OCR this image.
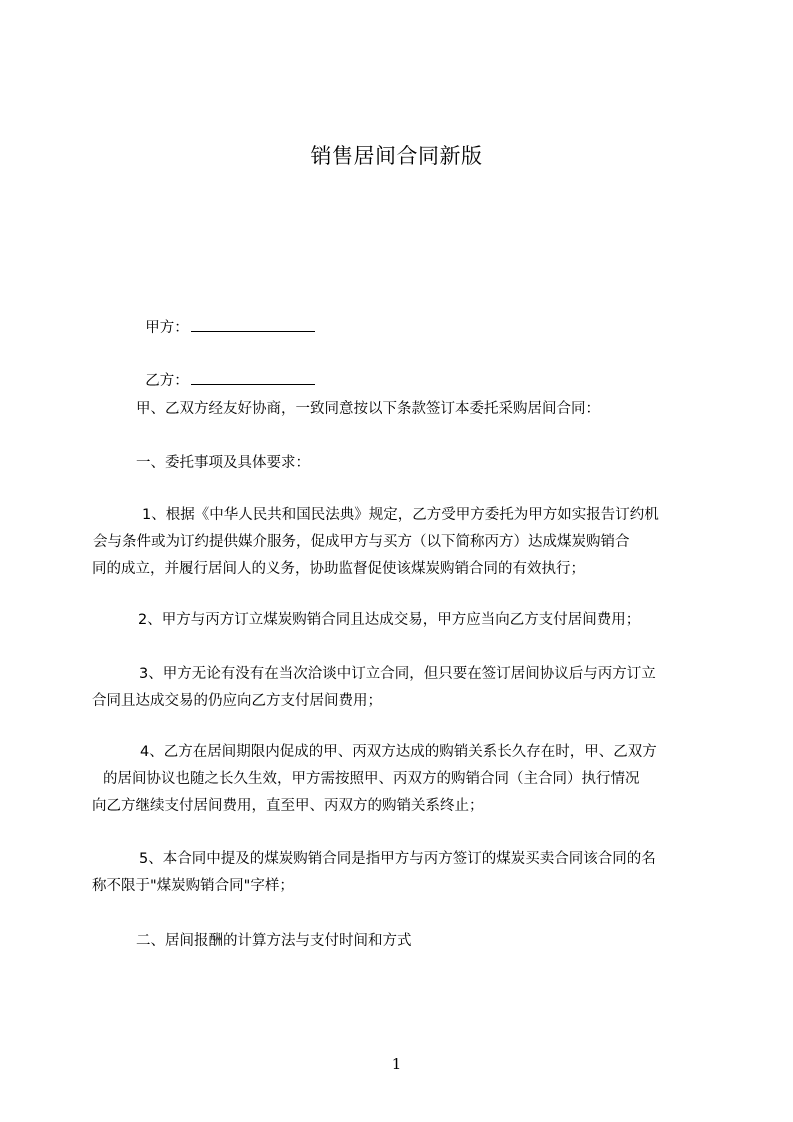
销售居间合同新版

甲方：

乙方：

甲、乙双方经友好协商，一致同意按以下条款签订本委托采购居间合同：
一、委托事项及具体要求：
1、根据《中华人民共和国民法典》规定，乙方受甲方委托为甲方如实报告订约机
会与条件或为订约提供媒介服务，促成甲方与买方（以下简称丙方）达成煤炭购销合
同的成立，并履行居间人的义务，协助监督促使该煤炭购销合同的有效执行；
2、甲方与丙方订立煤炭购销合同且达成交易，甲方应当向乙方支付居间费用；
3、甲方无论有没有在当次洽谈中订立合同，但只要在签订居间协议后与丙方订立
合同且达成交易的仍应向乙方支付居间费用；
4、乙方在居间期限内促成的甲、丙双方达成的购销关系长久存在时，甲、乙双方
的居间协议也随之长久生效，甲方需按照甲、丙双方的购销合同（主合同）执行情况
向乙方继续支付居间费用，直至甲、丙双方的购销关系终止；
5、本合同中提及的煤炭购销合同是指甲方与丙方签订的煤炭买卖合同该合同的名
称不限于"煤炭购销合同"字样；
二、居间报酬的计算方法与支付时间和方式
1
